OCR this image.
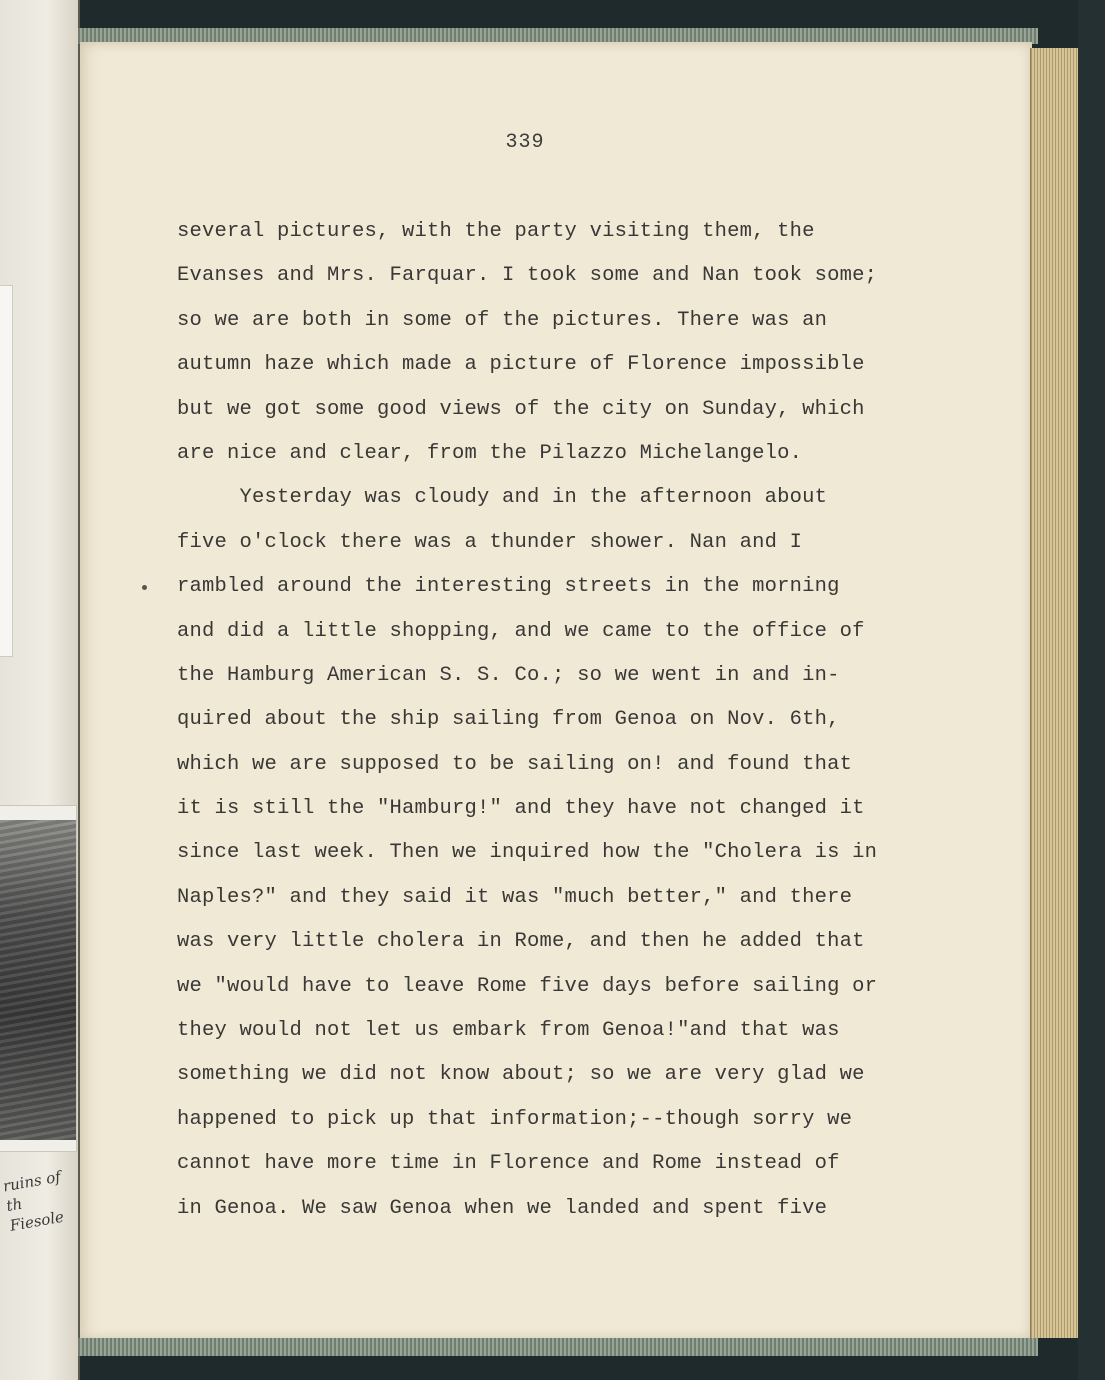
ruins of th
Fiesole
339
several pictures, with the party visiting them, the
Evanses and Mrs. Farquar. I took some and Nan took some;
so we are both in some of the pictures. There was an
autumn haze which made a picture of Florence impossible
but we got some good views of the city on Sunday, which
are nice and clear, from the Pilazzo Michelangelo.
Yesterday was cloudy and in the afternoon about
five o'clock there was a thunder shower. Nan and I
rambled around the interesting streets in the morning
and did a little shopping, and we came to the office of
the Hamburg American S. S. Co.; so we went in and in-
quired about the ship sailing from Genoa on Nov. 6th,
which we are supposed to be sailing on! and found that
it is still the "Hamburg!" and they have not changed it
since last week. Then we inquired how the "Cholera is in
Naples?" and they said it was "much better," and there
was very little cholera in Rome, and then he added that
we "would have to leave Rome five days before sailing or
they would not let us embark from Genoa!"and that was
something we did not know about; so we are very glad we
happened to pick up that information;--though sorry we
cannot have more time in Florence and Rome instead of
in Genoa. We saw Genoa when we landed and spent five
